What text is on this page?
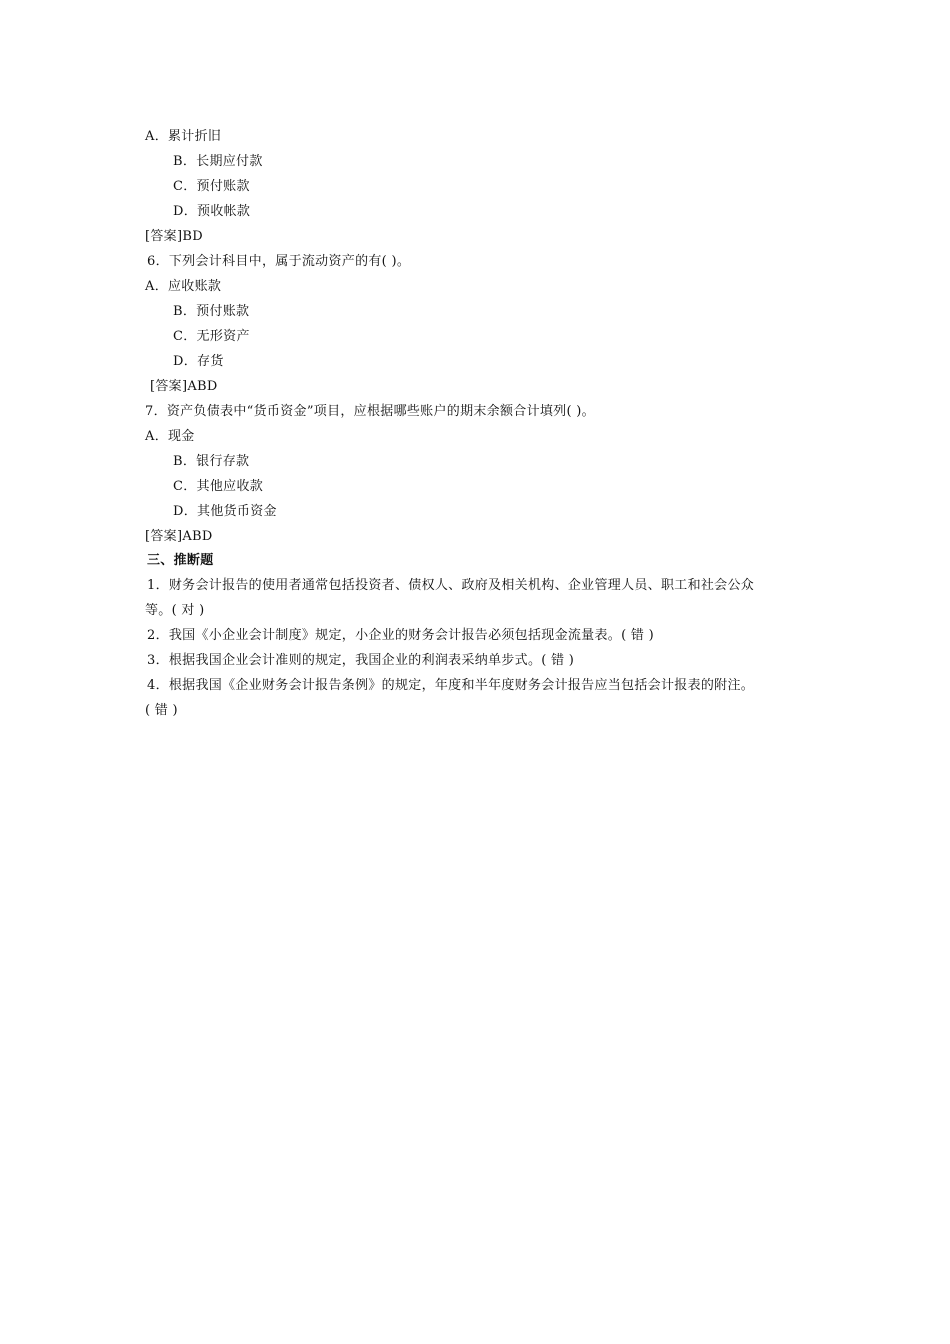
A．累计折旧
B．长期应付款
C．预付账款
D．预收帐款
[答案]BD
6．下列会计科目中，属于流动资产的有( )。
A．应收账款
B．预付账款
C．无形资产
D．存货
[答案]ABD
7．资产负债表中“货币资金”项目，应根据哪些账户的期末余额合计填列( )。
A．现金
B．银行存款
C．其他应收款
D．其他货币资金
[答案]ABD
三、推断题
1．财务会计报告的使用者通常包括投资者、债权人、政府及相关机构、企业管理人员、职工和社会公众
等。( 对 )
2．我国《小企业会计制度》规定，小企业的财务会计报告必须包括现金流量表。( 错 )
3．根据我国企业会计准则的规定，我国企业的利润表采纳单步式。( 错 )
4．根据我国《企业财务会计报告条例》的规定，年度和半年度财务会计报告应当包括会计报表的附注。
( 错 )
